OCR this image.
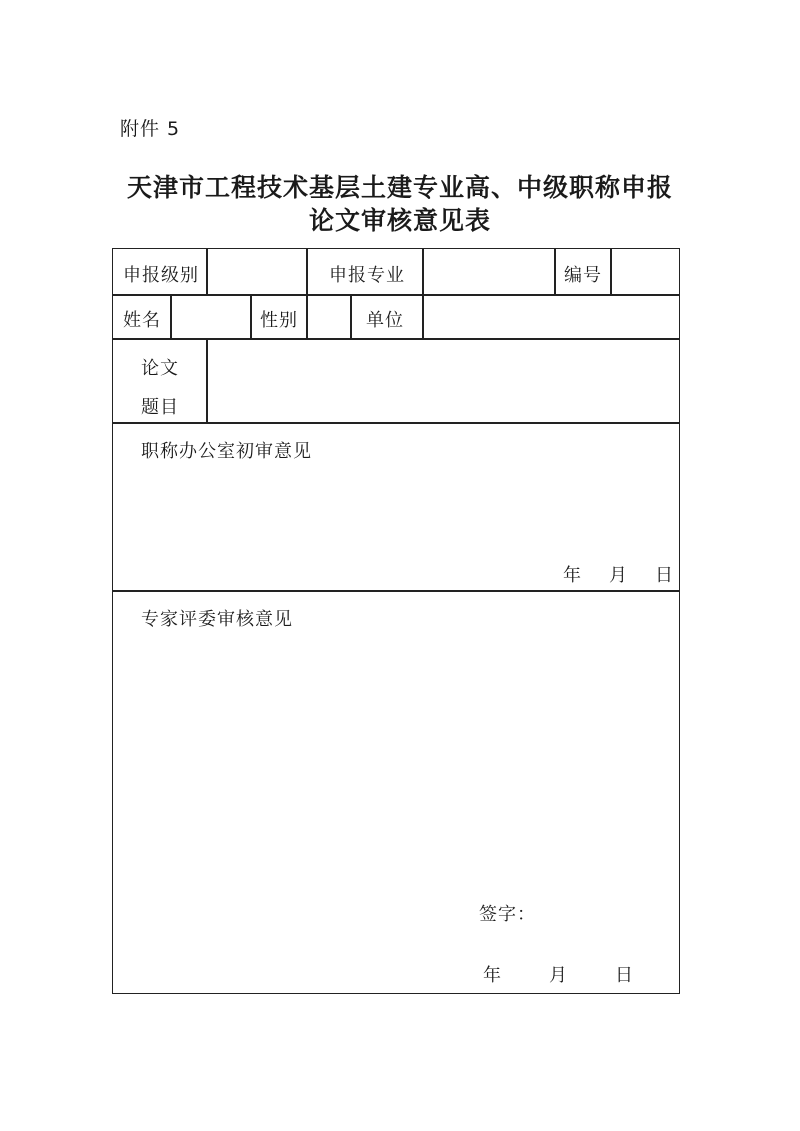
附件 5
天津市工程技术基层土建专业高、中级职称申报
论文审核意见表
申报级别	申报专业	编号
姓名	性别	单位
论文
题目
职称办公室初审意见
年 月 日
专家评委审核意见
签字：
年	月	日
